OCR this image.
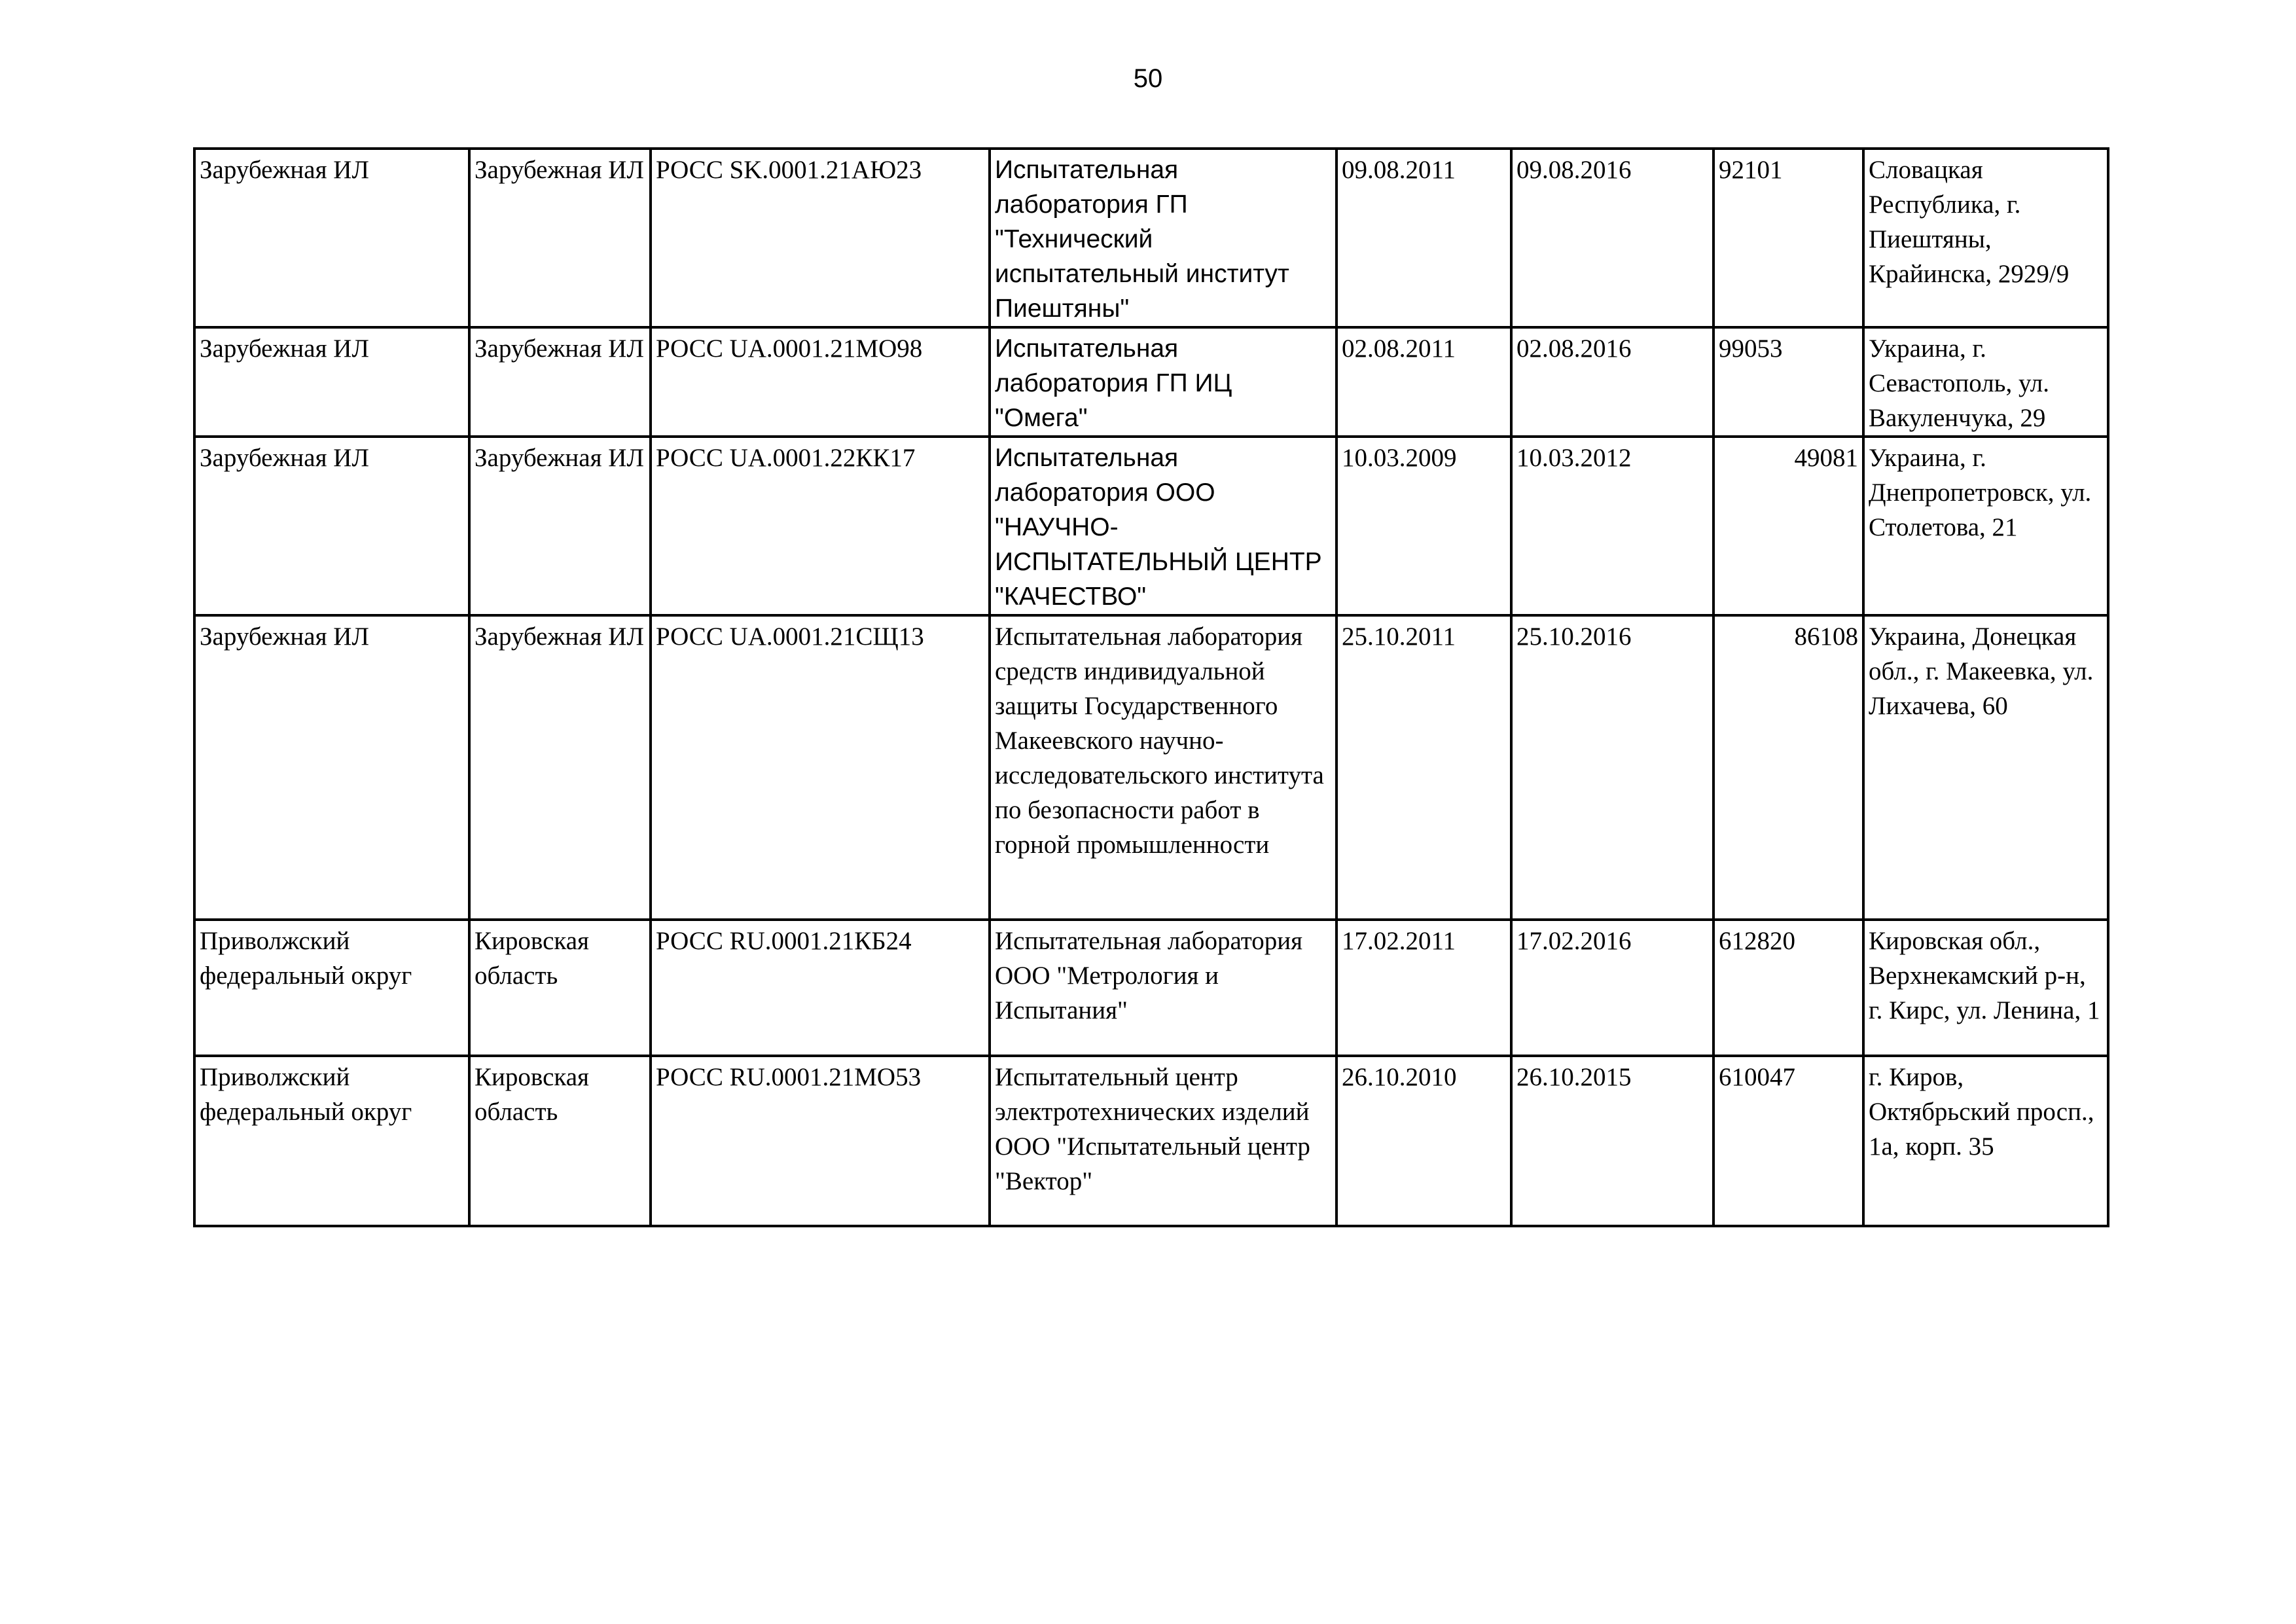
50
Зарубежная ИЛ	Зарубежная ИЛ	РОСС SK.0001.21АЮ23	Испытательная лаборатория ГП "Технический испытательный институт Пиештяны"	09.08.2011	09.08.2016	92101	Словацкая Республика, г. Пиештяны, Крайинска, 2929/9
Зарубежная ИЛ	Зарубежная ИЛ	РОСС UA.0001.21МО98	Испытательная лаборатория ГП ИЦ "Омега"	02.08.2011	02.08.2016	99053	Украина, г. Севастополь, ул. Вакуленчука, 29
Зарубежная ИЛ	Зарубежная ИЛ	РОСС UA.0001.22КК17	Испытательная лаборатория ООО "НАУЧНО-ИСПЫТАТЕЛЬНЫЙ ЦЕНТР "КАЧЕСТВО"	10.03.2009	10.03.2012	49081	Украина, г. Днепропетровск, ул. Столетова, 21
Зарубежная ИЛ	Зарубежная ИЛ	РОСС UA.0001.21СЩ13	Испытательная лаборатория средств индивидуальной защиты Государственного Макеевского научно-исследовательского института по безопасности работ в горной промышленности	25.10.2011	25.10.2016	86108	Украина, Донецкая обл., г. Макеевка, ул. Лихачева, 60
Приволжский федеральный округ	Кировская область	РОСС RU.0001.21КБ24	Испытательная лаборатория ООО "Метрология и Испытания"	17.02.2011	17.02.2016	612820	Кировская обл., Верхнекамский р-н, г. Кирс, ул. Ленина, 1
Приволжский федеральный округ	Кировская область	РОСС RU.0001.21МО53	Испытательный центр электротехнических изделий ООО "Испытательный центр "Вектор"	26.10.2010	26.10.2015	610047	г. Киров, Октябрьский просп., 1а, корп. 35
